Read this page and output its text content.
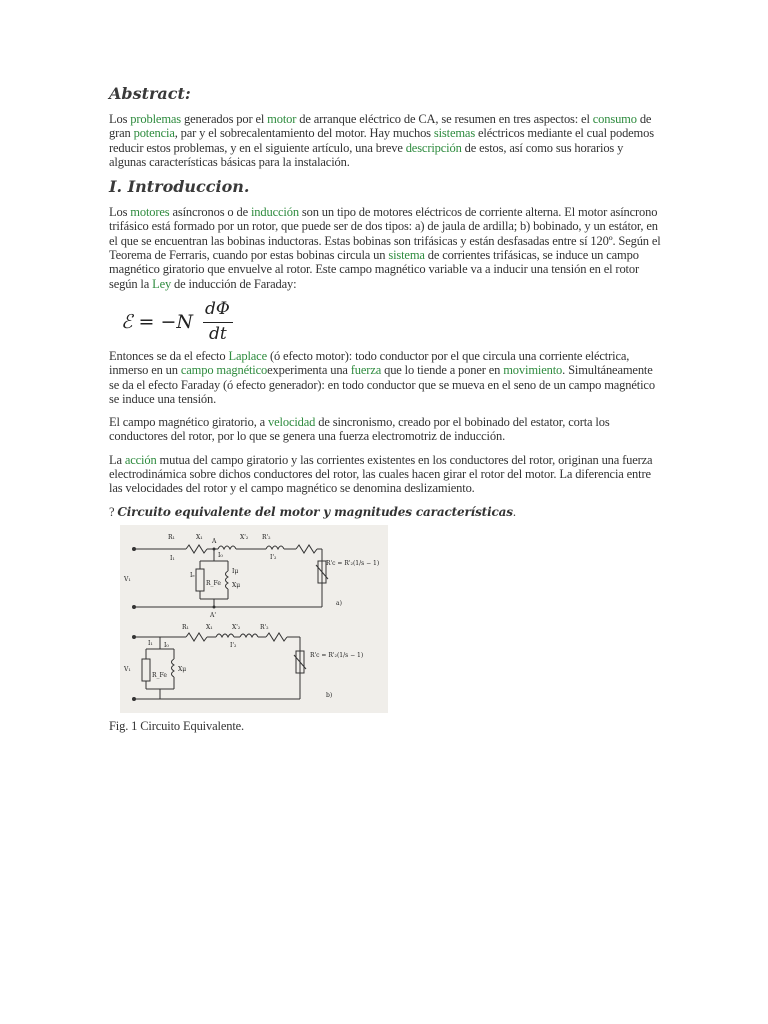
Abstract:

Los problemas generados por el motor de arranque eléctrico de CA, se resumen en tres aspectos: el consumo de gran potencia, par y el sobrecalentamiento del motor. Hay muchos sistemas eléctricos mediante el cual podemos reducir estos problemas, y en el siguiente artículo, una breve descripción de estos, así como sus horarios y algunas características básicas para la instalación.

I. Introduccion.

Los motores asíncronos o de inducción son un tipo de motores eléctricos de corriente alterna. El motor asíncrono trifásico está formado por un rotor, que puede ser de dos tipos: a) de jaula de ardilla; b) bobinado, y un estátor, en el que se encuentran las bobinas inductoras. Estas bobinas son trifásicas y están desfasadas entre sí 120º. Según el Teorema de Ferraris, cuando por estas bobinas circula un sistema de corrientes trifásicas, se induce un campo magnético giratorio que envuelve al rotor. Este campo magnético variable va a inducir una tensión en el rotor según la Ley de inducción de Faraday:

ℰ = −N
dΦ
dt

Entonces se da el efecto Laplace (ó efecto motor): todo conductor por el que circula una corriente eléctrica, inmerso en un campo magnéticoexperimenta una fuerza que lo tiende a poner en movimiento. Simultáneamente se da el efecto Faraday (ó efecto generador): en todo conductor que se mueva en el seno de un campo magnético se induce una tensión.

El campo magnético giratorio, a velocidad de sincronismo, creado por el bobinado del estator, corta los conductores del rotor, por lo que se genera una fuerza electromotriz de inducción.

La acción mutua del campo giratorio y las corrientes existentes en los conductores del rotor, originan una fuerza electrodinámica sobre dichos conductores del rotor, las cuales hacen girar el rotor del motor. La diferencia entre las velocidades del rotor y el campo magnético se denomina deslizamiento.

? Circuito equivalente del motor y magnitudes características.

R₁	X₁
A
X'₂ R'₂
I₁	I₀	I'₂
Iₑ
Iμ
V₁
R_Fe Xμ
A'
a)
R'c = R'₂(1/s − 1)
R₁	X₁	X'₂	R'₂
I₁	I'₂
I₀
V₁
R_Fe
Xμ
b)
R'c = R'₂(1/s − 1)

Fig. 1 Circuito Equivalente.
